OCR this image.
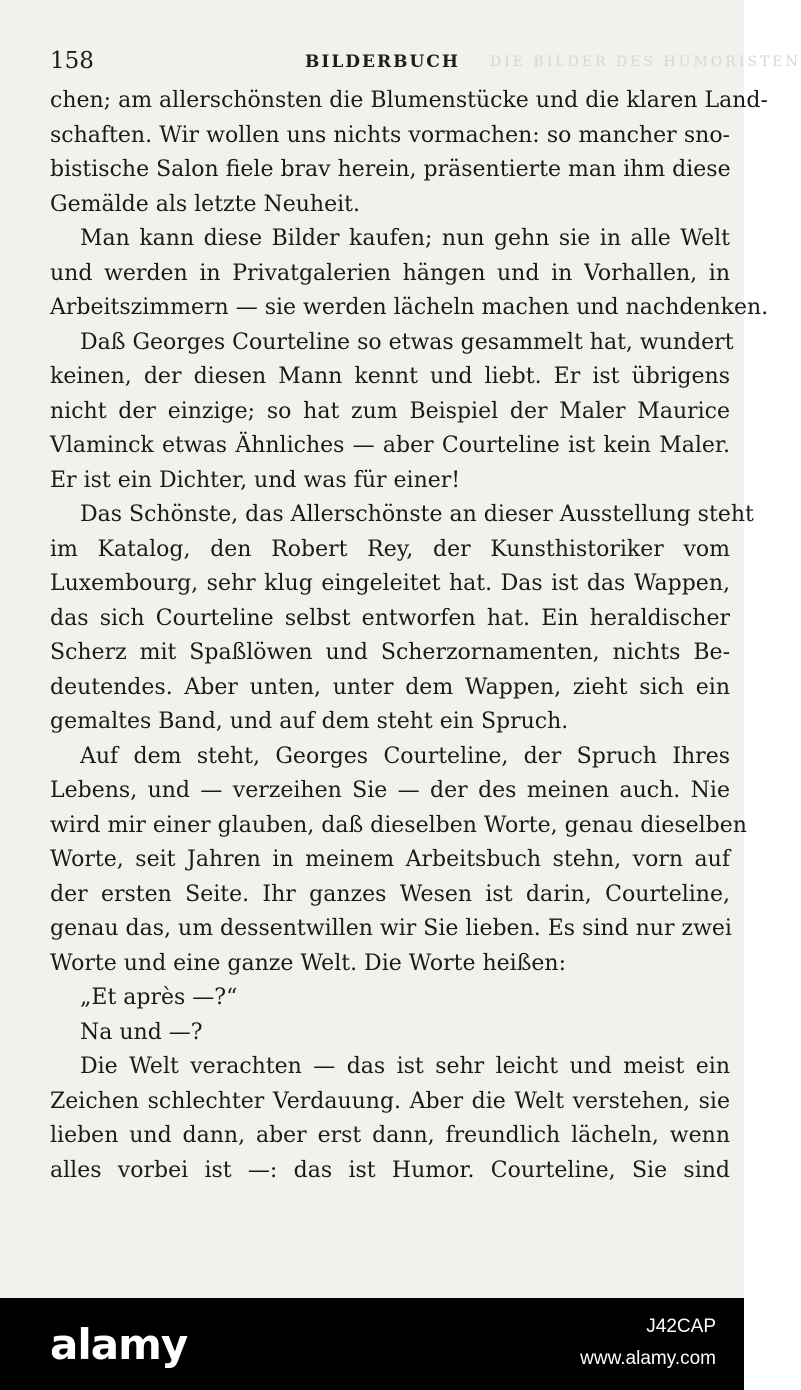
158	BILDERBUCH DIE BILDER DES HUMORISTEN
chen; am allerschönsten die Blumenstücke und die klaren Land-
schaften. Wir wollen uns nichts vormachen: so mancher sno-
bistische Salon fiele brav herein, präsentierte man ihm diese
Gemälde als letzte Neuheit.
Man kann diese Bilder kaufen; nun gehn sie in alle Welt
und werden in Privatgalerien hängen und in Vorhallen, in
Arbeitszimmern — sie werden lächeln machen und nachdenken.
Daß Georges Courteline so etwas gesammelt hat, wundert
keinen, der diesen Mann kennt und liebt. Er ist übrigens
nicht der einzige; so hat zum Beispiel der Maler Maurice
Vlaminck etwas Ähnliches — aber Courteline ist kein Maler.
Er ist ein Dichter, und was für einer!
Das Schönste, das Allerschönste an dieser Ausstellung steht
im Katalog, den Robert Rey, der Kunsthistoriker vom
Luxembourg, sehr klug eingeleitet hat. Das ist das Wappen,
das sich Courteline selbst entworfen hat. Ein heraldischer
Scherz mit Spaßlöwen und Scherzornamenten, nichts Be-
deutendes. Aber unten, unter dem Wappen, zieht sich ein
gemaltes Band, und auf dem steht ein Spruch.
Auf dem steht, Georges Courteline, der Spruch Ihres
Lebens, und — verzeihen Sie — der des meinen auch. Nie
wird mir einer glauben, daß dieselben Worte, genau dieselben
Worte, seit Jahren in meinem Arbeitsbuch stehn, vorn auf
der ersten Seite. Ihr ganzes Wesen ist darin, Courteline,
genau das, um dessentwillen wir Sie lieben. Es sind nur zwei
Worte und eine ganze Welt. Die Worte heißen:
„Et après —?“
Na und —?
Die Welt verachten — das ist sehr leicht und meist ein
Zeichen schlechter Verdauung. Aber die Welt verstehen, sie
lieben und dann, aber erst dann, freundlich lächeln, wenn
alles vorbei ist —: das ist Humor. Courteline, Sie sind
alamy	J42CAP
www.alamy.com
